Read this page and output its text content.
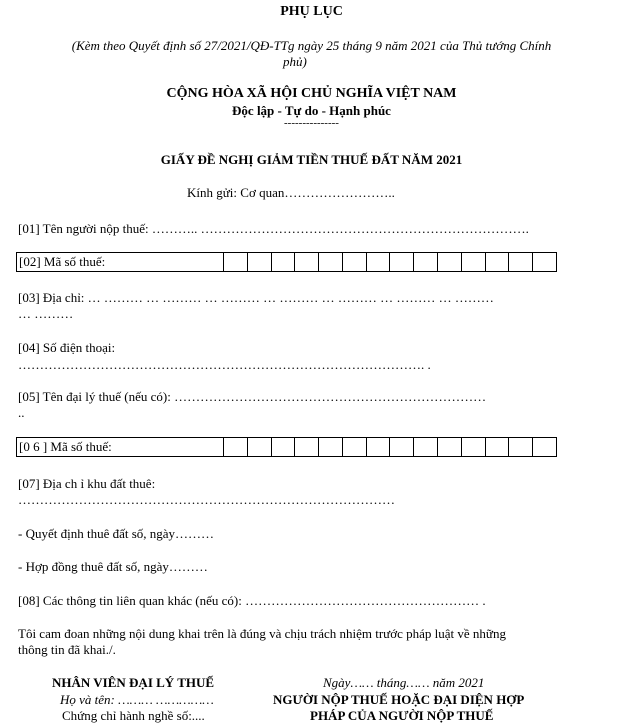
PHỤ LỤC
(Kèm theo Quyết định số 27/2021/QĐ-TTg ngày 25 tháng 9 năm 2021 của Thủ tướng Chính
phủ)
CỘNG HÒA XÃ HỘI CHỦ NGHĨA VIỆT NAM
Độc lập - Tự do - Hạnh phúc
---------------
GIẤY ĐỀ NGHỊ GIẢM TIỀN THUẾ ĐẤT NĂM 2021
Kính gửi: Cơ quan……………………..
[01] Tên người nộp thuế: ……….. ………………………………………………………………….
[02] Mã số thuế:
[03] Địa chỉ: … ……… … ……… … ……… … ……… … ……… … ……… … ………
… ………
[04] Số điện thoại:
…………………………………………………………………………………. .
[05] Tên đại lý thuế (nếu có): ………………………………………………………………
..
[0 6 ] Mã số thuế:
[07] Địa ch ỉ khu đất thuê:
……………………………………………………………………………
- Quyết định thuê đất số, ngày………
- Hợp đồng thuê đất số, ngày………
[08] Các thông tin liên quan khác (nếu có): ……………………………………………… .
Tôi cam đoan những nội dung khai trên là đúng và chịu trách nhiệm trước pháp luật về những
thông tin đã khai./.
NHÂN VIÊN ĐẠI LÝ THUẾ
Họ và tên: ……… ……………
Chứng chỉ hành nghề số:....
Ngày…… tháng…… năm 2021
NGƯỜI NỘP THUẾ HOẶC ĐẠI DIỆN HỢP
PHÁP CỦA NGƯỜI NỘP THUẾ
